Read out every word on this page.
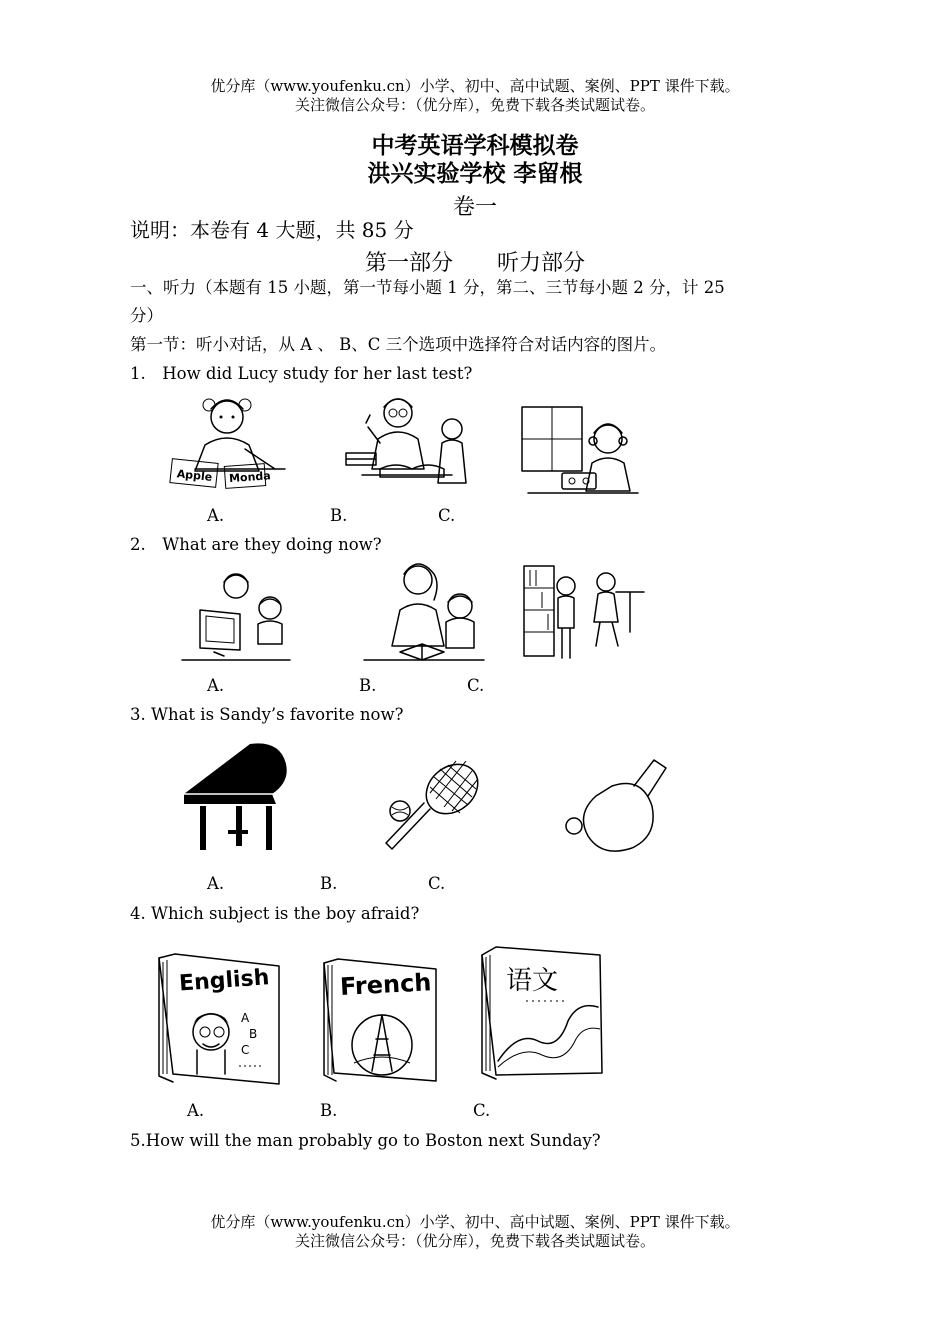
优分库（www.youfenku.cn）小学、初中、高中试题、案例、PPT 课件下载。
关注微信公众号：（优分库），免费下载各类试题试卷。
中考英语学科模拟卷
洪兴实验学校 李留根
卷一
说明：本卷有 4 大题，共 85 分
第一部分　　听力部分
一、听力（本题有 15 小题，第一节每小题 1 分，第二、三节每小题 2 分，计 25
分）
第一节：听小对话，从 A 、 B、C 三个选项中选择符合对话内容的图片。
1.　How did Lucy study for her last test?
Apple Monda
A.	B.	C.
2.　What are they doing now?
A.	B.	C.
3. What is Sandy’s favorite now?
A.	B.	C.
4. Which subject is the boy afraid?
English
A
B
C
French	语文
A.	B.	C.
5.How will the man probably go to Boston next Sunday?
优分库（www.youfenku.cn）小学、初中、高中试题、案例、PPT 课件下载。
关注微信公众号：（优分库），免费下载各类试题试卷。
